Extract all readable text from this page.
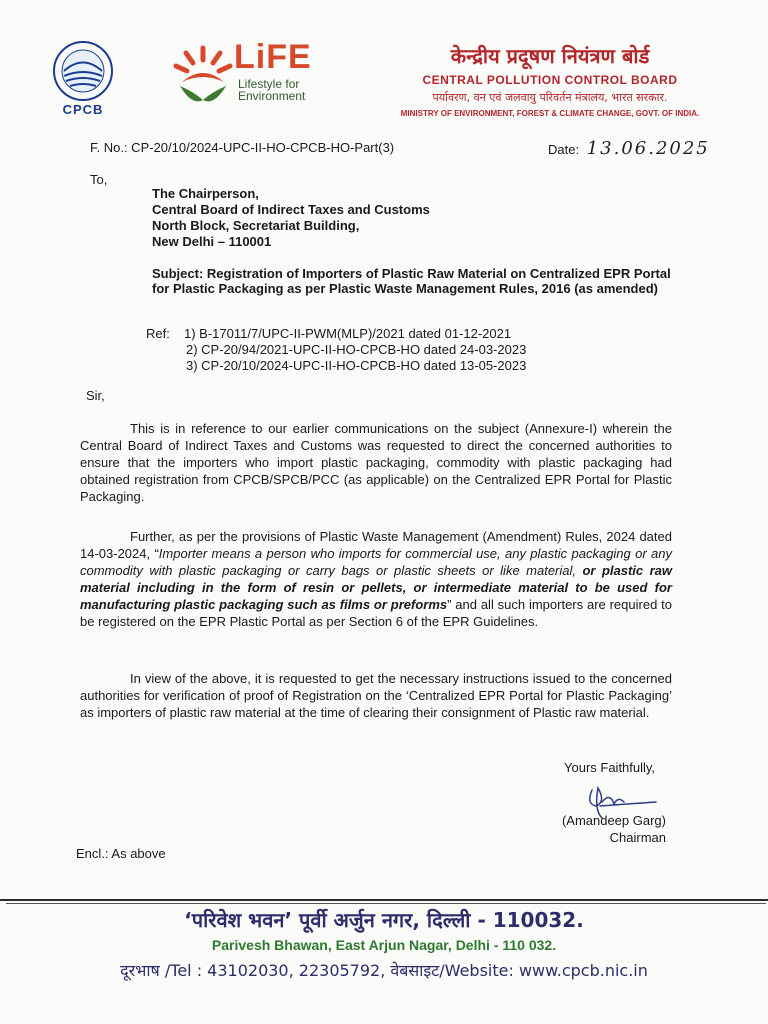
CPCB
LiFE
Lifestyle for
Environment
केन्द्रीय प्रदूषण नियंत्रण बोर्ड
CENTRAL POLLUTION CONTROL BOARD
पर्यावरण, वन एवं जलवायु परिवर्तन मंत्रालय, भारत सरकार.
MINISTRY OF ENVIRONMENT, FOREST & CLIMATE CHANGE, GOVT. OF INDIA.
F. No.: CP-20/10/2024-UPC-II-HO-CPCB-HO-Part(3)	Date: 13.06.2025
To,
The Chairperson,
Central Board of Indirect Taxes and Customs
North Block, Secretariat Building,
New Delhi – 110001
Subject: Registration of Importers of Plastic Raw Material on Centralized EPR Portal for Plastic Packaging as per Plastic Waste Management Rules, 2016 (as amended)
Ref: 1) B-17011/7/UPC-II-PWM(MLP)/2021 dated 01-12-2021
2) CP-20/94/2021-UPC-II-HO-CPCB-HO dated 24-03-2023
3) CP-20/10/2024-UPC-II-HO-CPCB-HO dated 13-05-2023
Sir,
This is in reference to our earlier communications on the subject (Annexure-I) wherein the Central Board of Indirect Taxes and Customs was requested to direct the concerned authorities to ensure that the importers who import plastic packaging, commodity with plastic packaging had obtained registration from CPCB/SPCB/PCC (as applicable) on the Centralized EPR Portal for Plastic Packaging.
Further, as per the provisions of Plastic Waste Management (Amendment) Rules, 2024 dated 14-03-2024, “Importer means a person who imports for commercial use, any plastic packaging or any commodity with plastic packaging or carry bags or plastic sheets or like material, or plastic raw material including in the form of resin or pellets, or intermediate material to be used for manufacturing plastic packaging such as films or preforms” and all such importers are required to be registered on the EPR Plastic Portal as per Section 6 of the EPR Guidelines.
In view of the above, it is requested to get the necessary instructions issued to the concerned authorities for verification of proof of Registration on the ‘Centralized EPR Portal for Plastic Packaging’ as importers of plastic raw material at the time of clearing their consignment of Plastic raw material.
Yours Faithfully,
(Amandeep Garg)
Chairman
Encl.: As above
‘परिवेश भवन’ पूर्वी अर्जुन नगर, दिल्ली - 110032.
Parivesh Bhawan, East Arjun Nagar, Delhi - 110 032.
दूरभाष /Tel : 43102030, 22305792, वेबसाइट/Website: www.cpcb.nic.in
